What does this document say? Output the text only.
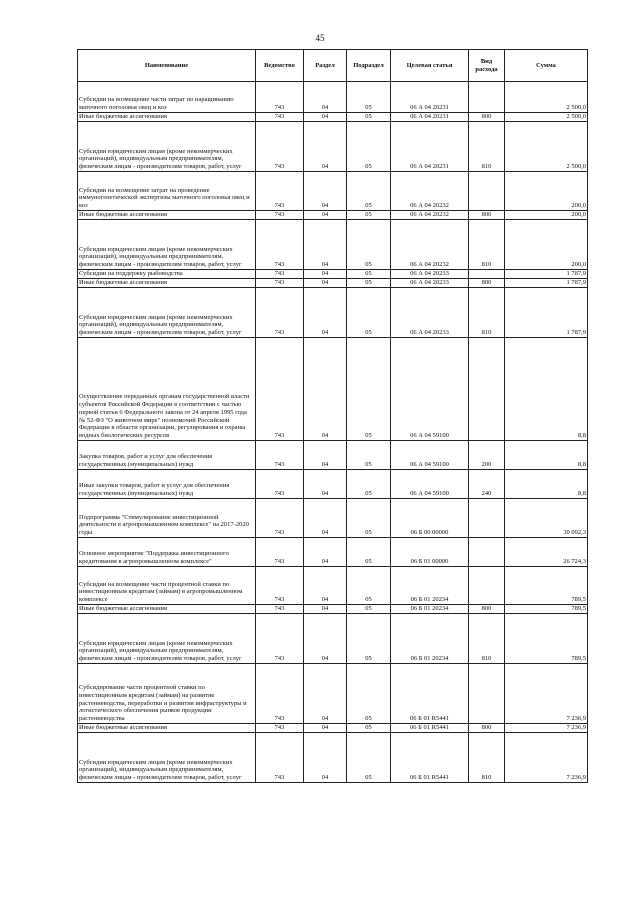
45
Наименование	Ведомство	Раздел	Подраздел	Целевая статья	Вид расхода	Сумма
Субсидии на возмещение части затрат по наращиванию маточного поголовья овец и коз	743	04	05	06 А 04 20231		2 500,0
Иные бюджетные ассигнования	743	04	05	06 А 04 20231	800	2 500,0
Субсидии юридическим лицам (кроме некоммерческих организаций), индивидуальным предпринимателям, физическим лицам - производителям товаров, работ, услуг	743	04	05	06 А 04 20231	810	2 500,0
Субсидии на возмещение затрат на проведение иммуногенетической экспертизы маточного поголовья овец и коз	743	04	05	06 А 04 20232		200,0
Иные бюджетные ассигнования	743	04	05	06 А 04 20232	800	200,0
Субсидии юридическим лицам (кроме некоммерческих организаций), индивидуальным предпринимателям, физическим лицам - производителям товаров, работ, услуг	743	04	05	06 А 04 20232	810	200,0
Субсидии на поддержку рыбоводства	743	04	05	06 А 04 20233		1 787,9
Иные бюджетные ассигнования	743	04	05	06 А 04 20233	800	1 787,9
Субсидии юридическим лицам (кроме некоммерческих организаций), индивидуальным предпринимателям, физическим лицам - производителям товаров, работ, услуг	743	04	05	06 А 04 20233	810	1 787,9
Осуществление переданных органам государственной власти субъектов Российской Федерации в соответствии с частью первой статьи 6 Федерального закона от 24 апреля 1995 года № 52-ФЗ "О животном мире" полномочий Российской Федерации в области организации, регулирования и охраны водных биологических ресурсов	743	04	05	06 А 04 59100		8,8
Закупка товаров, работ и услуг для обеспечения государственных (муниципальных) нужд	743	04	05	06 А 04 59100	200	8,8
Иные закупки товаров, работ и услуг для обеспечения государственных (муниципальных) нужд	743	04	05	06 А 04 59100	240	8,8
Подпрограмма "Стимулирование инвестиционной деятельности в агропромышленном комплексе" на 2017-2020 годы	743	04	05	06 Б 00 00000		30 092,3
Основное мероприятие "Поддержка инвестиционного кредитования в агропромышленном комплексе"	743	04	05	06 Б 01 00000		26 724,3
Субсидии на возмещение части процентной ставки по инвестиционным кредитам (займам) в агропромышленном комплексе	743	04	05	06 Б 01 20234		789,5
Иные бюджетные ассигнования	743	04	05	06 Б 01 20234	800	789,5
Субсидии юридическим лицам (кроме некоммерческих организаций), индивидуальным предпринимателям, физическим лицам - производителям товаров, работ, услуг	743	04	05	06 Б 01 20234	810	789,5
Субсидирование части процентной ставки по инвестиционным кредитам (займам) на развитие растениеводства, переработки и развития инфраструктуры и логистического обеспечения рынков продукции растениеводства	743	04	05	06 Б 01 R5441		7 236,9
Иные бюджетные ассигнования	743	04	05	06 Б 01 R5441	800	7 236,9
Субсидии юридическим лицам (кроме некоммерческих организаций), индивидуальным предпринимателям, физическим лицам - производителям товаров, работ, услуг	743	04	05	06 Б 01 R5441	810	7 236,9
